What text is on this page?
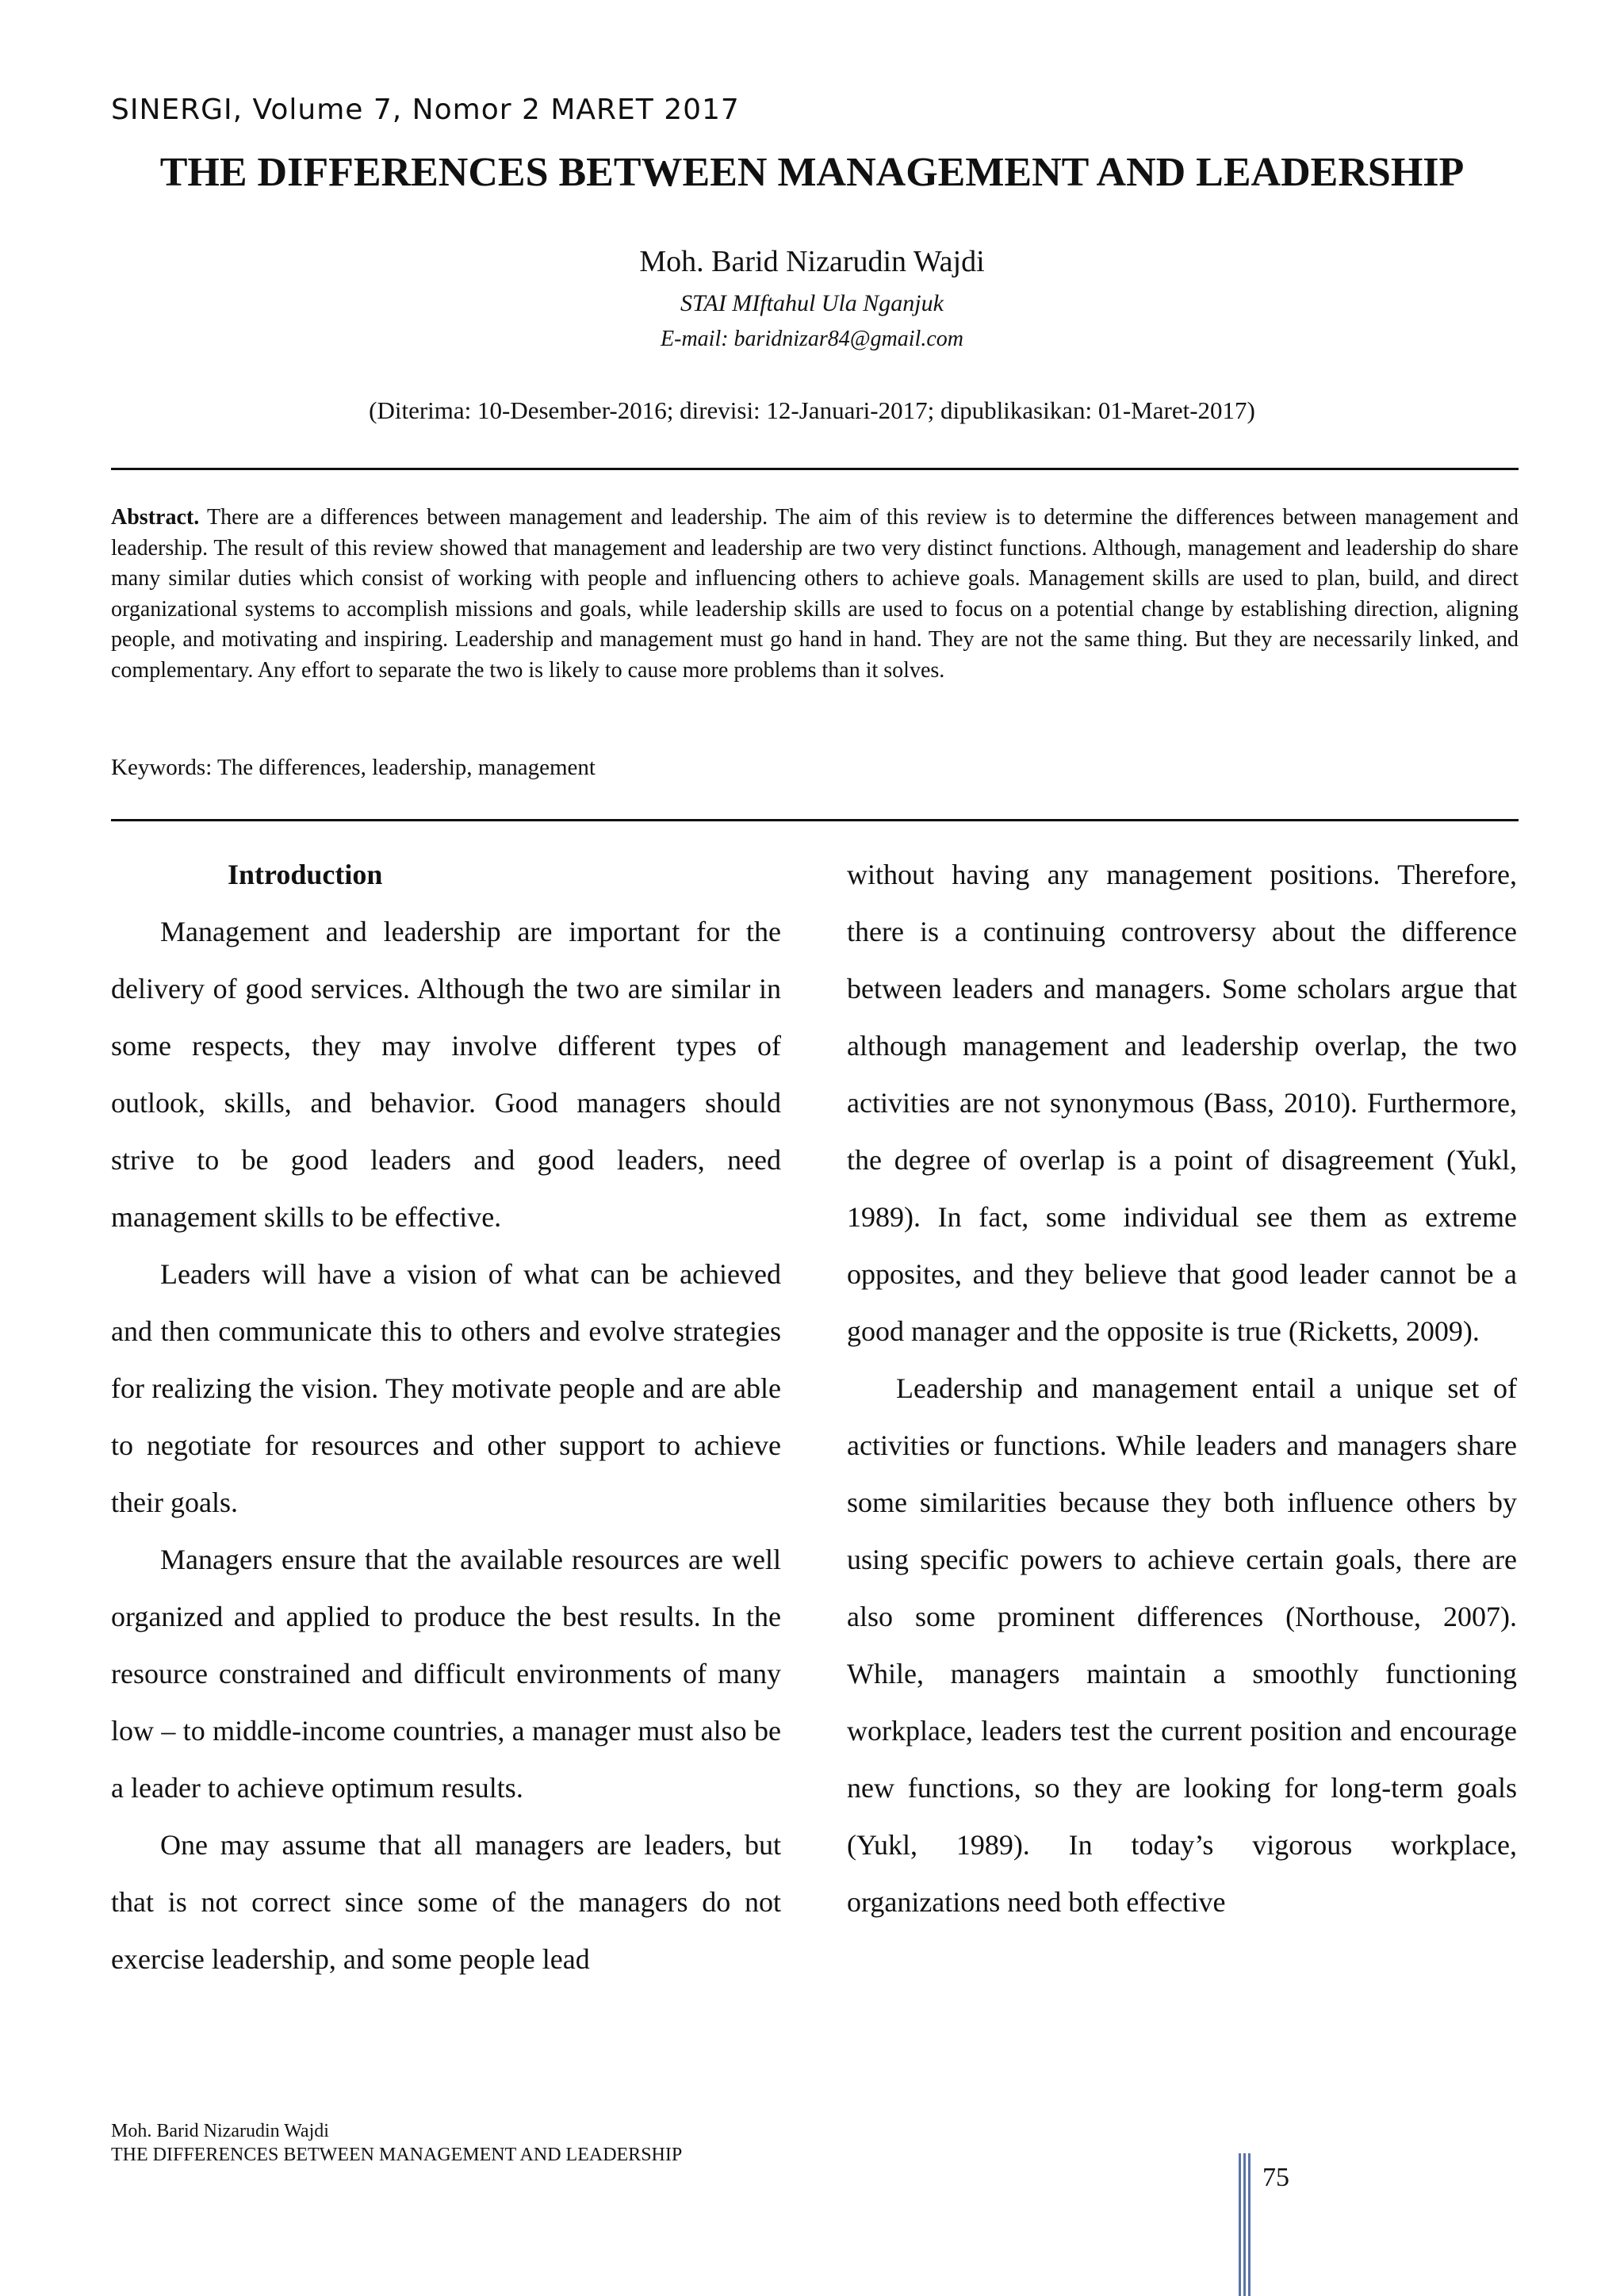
SINERGI, Volume 7, Nomor 2 MARET 2017
THE DIFFERENCES BETWEEN MANAGEMENT AND LEADERSHIP
Moh. Barid Nizarudin Wajdi
STAI MIftahul Ula Nganjuk
E-mail: baridnizar84@gmail.com
(Diterima: 10-Desember-2016; direvisi: 12-Januari-2017; dipublikasikan: 01-Maret-2017)
Abstract. There are a differences between management and leadership. The aim of this review is to determine the differences between management and leadership. The result of this review showed that management and leadership are two very distinct functions. Although, management and leadership do share many similar duties which consist of working with people and influencing others to achieve goals. Management skills are used to plan, build, and direct organizational systems to accomplish missions and goals, while leadership skills are used to focus on a potential change by establishing direction, aligning people, and motivating and inspiring. Leadership and management must go hand in hand. They are not the same thing. But they are necessarily linked, and complementary. Any effort to separate the two is likely to cause more problems than it solves.
Keywords: The differences, leadership, management
Introduction

Management and leadership are important for the delivery of good services. Although the two are similar in some respects, they may involve different types of outlook, skills, and behavior. Good managers should strive to be good leaders and good leaders, need management skills to be effective.

Leaders will have a vision of what can be achieved and then communicate this to others and evolve strategies for realizing the vision. They motivate people and are able to negotiate for resources and other support to achieve their goals.

Managers ensure that the available resources are well organized and applied to produce the best results. In the resource constrained and difficult environments of many low – to middle-income countries, a manager must also be a leader to achieve optimum results.

One may assume that all managers are leaders, but that is not correct since some of the managers do not exercise leadership, and some people lead

without having any management positions. Therefore, there is a continuing controversy about the difference between leaders and managers. Some scholars argue that although management and leadership overlap, the two activities are not synonymous (Bass, 2010). Furthermore, the degree of overlap is a point of disagreement (Yukl, 1989). In fact, some individual see them as extreme opposites, and they believe that good leader cannot be a good manager and the opposite is true (Ricketts, 2009).

Leadership and management entail a unique set of activities or functions. While leaders and managers share some similarities because they both influence others by using specific powers to achieve certain goals, there are also some prominent differences (Northouse, 2007). While, managers maintain a smoothly functioning workplace, leaders test the current position and encourage new functions, so they are looking for long-term goals (Yukl, 1989). In today’s vigorous workplace, organizations need both effective

Moh. Barid Nizarudin Wajdi
THE DIFFERENCES BETWEEN MANAGEMENT AND LEADERSHIP
75
